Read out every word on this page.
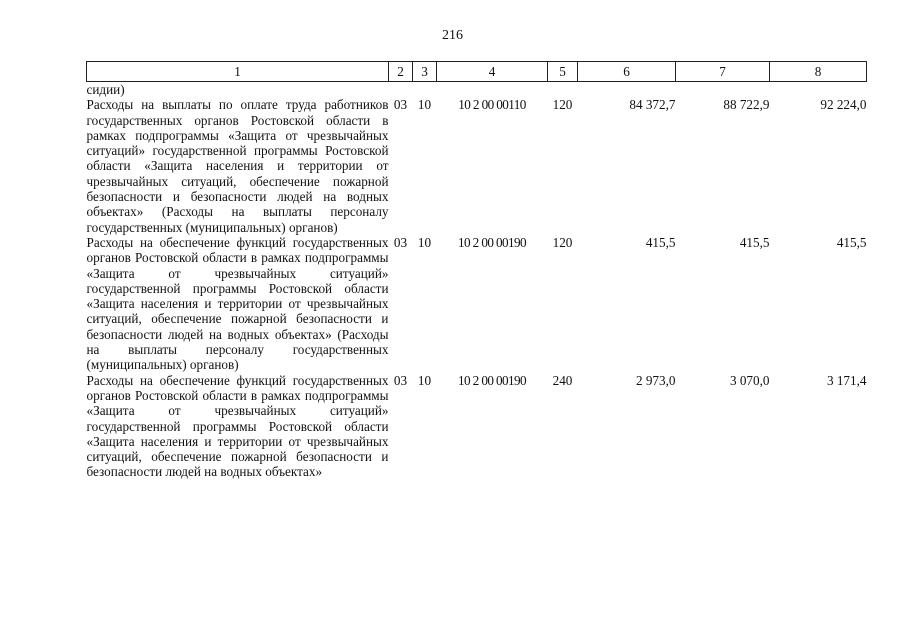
216
1	2	3	4	5	6	7	8
сидии)							
Расходы на выплаты по оплате труда работников государственных органов Ростовской области в рамках подпрограммы «Защита от чрезвычайных ситуаций» государственной программы Ростовской области «Защита населения и территории от чрезвычайных ситуаций, обеспечение пожарной безопасности и безопасности людей на водных объектах» (Расходы на выплаты персоналу государственных (муниципальных) органов)	03	10	10 2 00 00110	120	84 372,7	88 722,9	92 224,0
Расходы на обеспечение функций государственных органов Ростовской области в рамках подпрограммы «Защита от чрезвычайных ситуаций» государственной программы Ростовской области «Защита населения и территории от чрезвычайных ситуаций, обеспечение пожарной безопасности и безопасности людей на водных объектах» (Расходы на выплаты персоналу государственных (муниципальных) органов)	03	10	10 2 00 00190	120	415,5	415,5	415,5
Расходы на обеспечение функций государственных органов Ростовской области в рамках подпрограммы «Защита от чрезвычайных ситуаций» государственной программы Ростовской области «Защита населения и территории от чрезвычайных ситуаций, обеспечение пожарной безопасности и безопасности людей на водных объектах»	03	10	10 2 00 00190	240	2 973,0	3 070,0	3 171,4
